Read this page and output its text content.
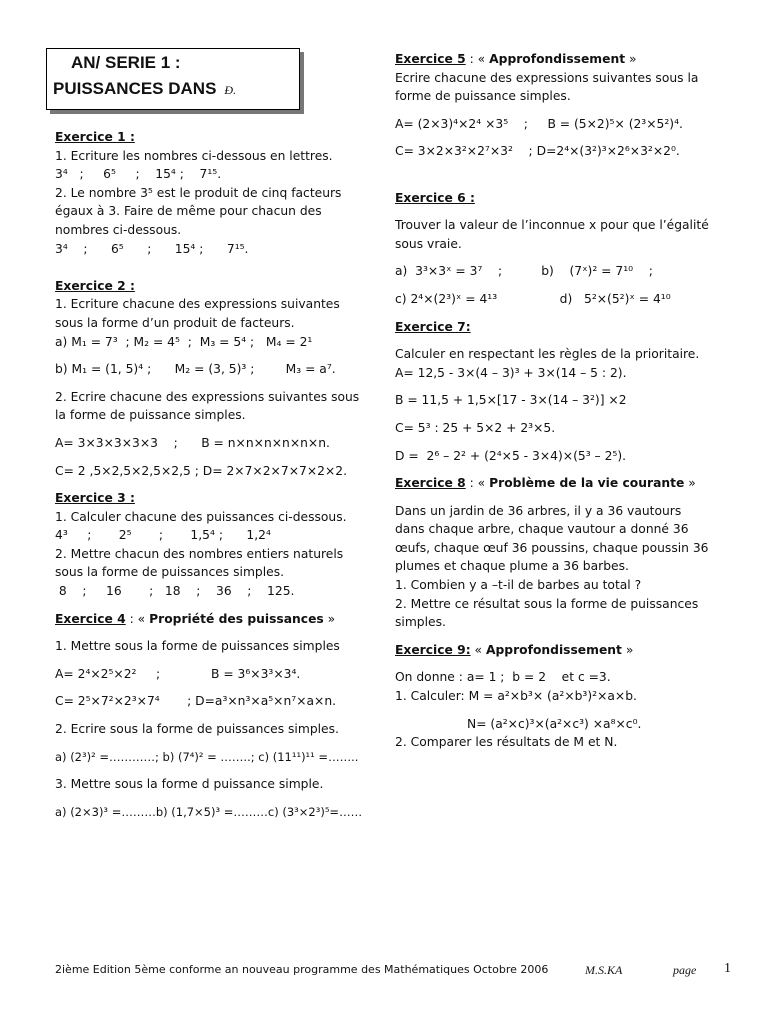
AN/ SERIE 1 :
PUISSANCES DANS Ð.

Exercice 1 :

1. Ecriture les nombres ci-dessous en lettres.

3⁴   ;     6⁵     ;    15⁴ ;    7¹⁵.

2. Le nombre 3⁵ est le produit de cinq facteurs

égaux à 3. Faire de même pour chacun des

nombres ci-dessous.

3⁴    ;      6⁵      ;      15⁴ ;      7¹⁵.

Exercice 2 :

1. Ecriture chacune des expressions suivantes

sous la forme d’un produit de facteurs.

a) M₁ = 7³  ; M₂ = 4⁵  ;  M₃ = 5⁴ ;   M₄ = 2¹

b) M₁ = (1, 5)⁴ ;      M₂ = (3, 5)³ ;        M₃ = a⁷.

2. Ecrire chacune des expressions suivantes sous

la forme de puissance simples.

A= 3×3×3×3×3    ;      B = n×n×n×n×n×n.

C= 2 ,5×2,5×2,5×2,5 ; D= 2×7×2×7×7×2×2.

Exercice 3 :

1. Calculer chacune des puissances ci-dessous.

4³     ;       2⁵       ;       1,5⁴ ;      1,2⁴

2. Mettre chacun des nombres entiers naturels

sous la forme de puissances simples.

8    ;     16       ;   18    ;    36    ;    125.

Exercice 4 : « Propriété des puissances »

1. Mettre sous la forme de puissances simples

A= 2⁴×2⁵×2²     ;             B = 3⁶×3³×3⁴.

C= 2⁵×7²×2³×7⁴       ; D=a³×n³×a⁵×n⁷×a×n.

2. Ecrire sous la forme de puissances simples.

a) (2³)² =…………; b) (7⁴)² = ……..; c) (11¹¹)¹¹ =……..

3. Mettre sous la forme d puissance simple.

a) (2×3)³ =………b) (1,7×5)³ =………c) (3³×2³)⁵=……

Exercice 5 : « Approfondissement »

Ecrire chacune des expressions suivantes sous la

forme de puissance simples.

A= (2×3)⁴×2⁴ ×3⁵    ;     B = (5×2)⁵× (2³×5²)⁴.

C= 3×2×3²×2⁷×3²    ; D=2⁴×(3²)³×2⁶×3²×2⁰.

Exercice 6 :

Trouver la valeur de l’inconnue x pour que l’égalité

sous vraie.

a)  3³×3ˣ = 3⁷    ;          b)    (7ˣ)² = 7¹⁰    ;

c) 2⁴×(2³)ˣ = 4¹³                d)   5²×(5²)ˣ = 4¹⁰

Exercice 7:

Calculer en respectant les règles de la prioritaire.

A= 12,5 - 3×(4 – 3)³ + 3×(14 – 5 : 2).

B = 11,5 + 1,5×[17 - 3×(14 – 3²)] ×2

C= 5³ : 25 + 5×2 + 2³×5.

D =  2⁶ – 2² + (2⁴×5 - 3×4)×(5³ – 2⁵).

Exercice 8 : « Problème de la vie courante »

Dans un jardin de 36 arbres, il y a 36 vautours

dans chaque arbre, chaque vautour a donné 36

œufs, chaque œuf 36 poussins, chaque poussin 36

plumes et chaque plume a 36 barbes.

1. Combien y a –t-il de barbes au total ?

2. Mettre ce résultat sous la forme de puissances

simples.

Exercice 9: « Approfondissement »

On donne : a= 1 ;  b = 2    et c =3.

1. Calculer: M = a²×b³× (a²×b³)²×a×b.

N= (a²×c)³×(a²×c³) ×a⁸×c⁰.

2. Comparer les résultats de M et N.

2ième Edition 5ème conforme an nouveau programme des Mathématiques Octobre 2006	M.S.KA	page 1
